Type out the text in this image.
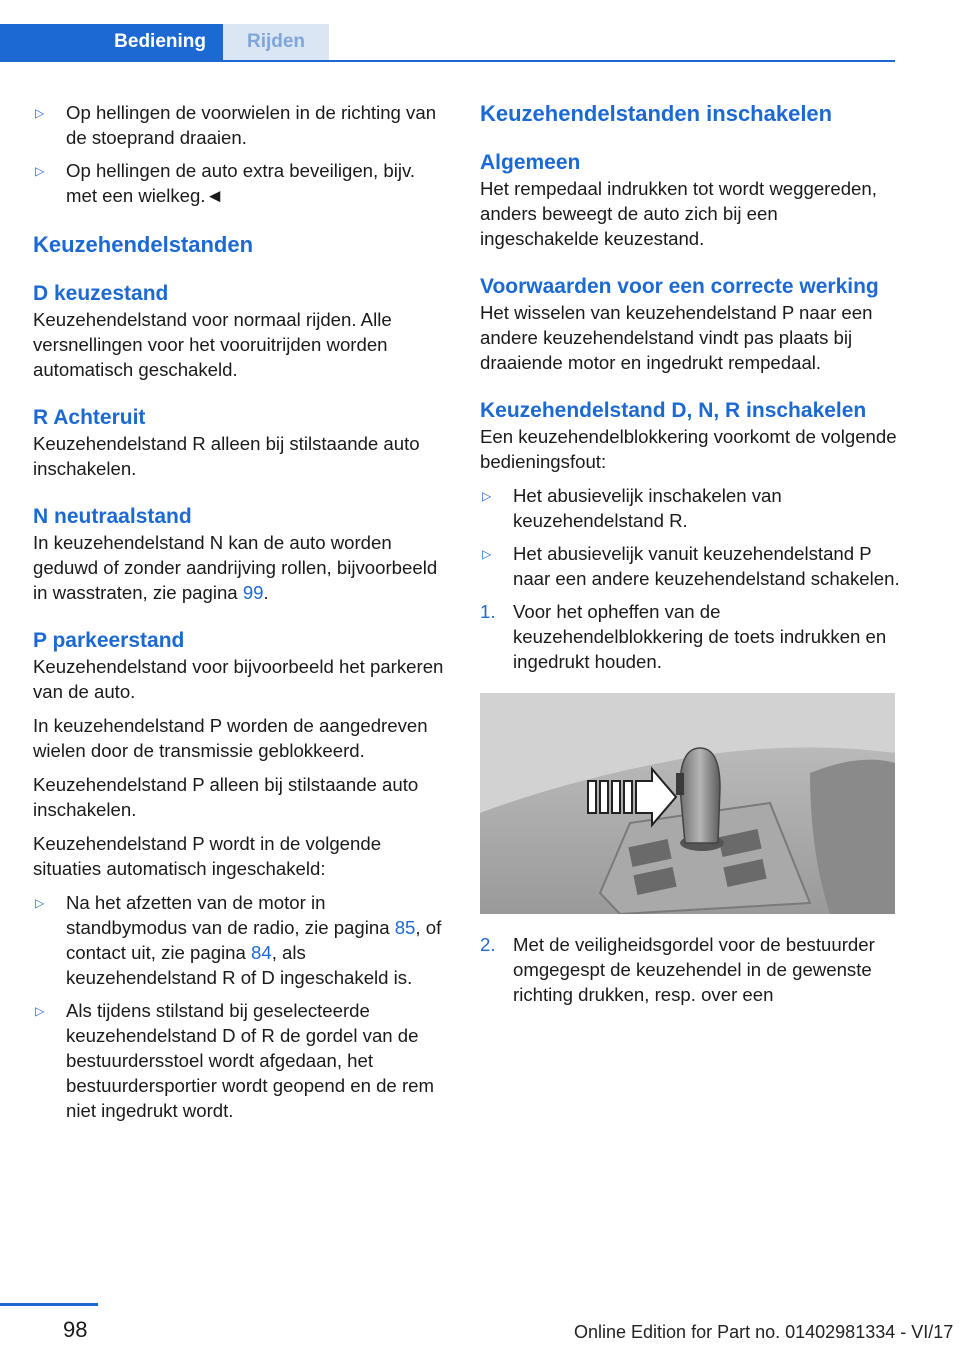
Bediening	Rijden
▷ Op hellingen de voorwielen in de richting van de stoeprand draaien.
▷ Op hellingen de auto extra beveiligen, bijv. met een wielkeg.◄
Keuzehendelstanden
D keuzestand

Keuzehendelstand voor normaal rijden. Alle versnellingen voor het vooruitrijden worden automatisch geschakeld.

R Achteruit

Keuzehendelstand R alleen bij stilstaande auto inschakelen.

N neutraalstand

In keuzehendelstand N kan de auto worden geduwd of zonder aandrijving rollen, bijvoorbeeld in wasstraten, zie pagina 99.

P parkeerstand

Keuzehendelstand voor bijvoorbeeld het parkeren van de auto.

In keuzehendelstand P worden de aangedreven wielen door de transmissie geblokkeerd.

Keuzehendelstand P alleen bij stilstaande auto inschakelen.

Keuzehendelstand P wordt in de volgende situaties automatisch ingeschakeld:

▷ Na het afzetten van de motor in standbymodus van de radio, zie pagina 85, of contact uit, zie pagina 84, als keuzehendelstand R of D ingeschakeld is.
▷ Als tijdens stilstand bij geselecteerde keuzehendelstand D of R de gordel van de bestuurdersstoel wordt afgedaan, het bestuurdersportier wordt geopend en de rem niet ingedrukt wordt.
Keuzehendelstanden inschakelen
Algemeen

Het rempedaal indrukken tot wordt weggereden, anders beweegt de auto zich bij een ingeschakelde keuzestand.

Voorwaarden voor een correcte werking

Het wisselen van keuzehendelstand P naar een andere keuzehendelstand vindt pas plaats bij draaiende motor en ingedrukt rempedaal.

Keuzehendelstand D, N, R inschakelen

Een keuzehendelblokkering voorkomt de volgende bedieningsfout:

▷ Het abusievelijk inschakelen van keuzehendelstand R.
▷ Het abusievelijk vanuit keuzehendelstand P naar een andere keuzehendelstand schakelen.
1. Voor het opheffen van de keuzehendelblokkering de toets indrukken en ingedrukt houden.
2. Met de veiligheidsgordel voor de bestuurder omgegespt de keuzehendel in de gewenste richting drukken, resp. over een
98	Online Edition for Part no. 01402981334 - VI/17
